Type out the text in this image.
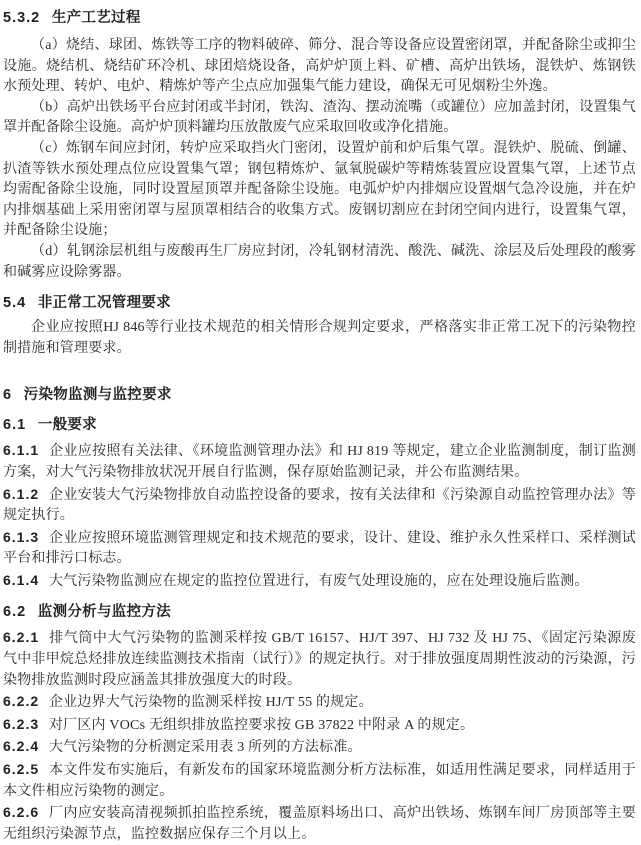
5.3.2 生产工艺过程

（a）烧结、球团、炼铁等工序的物料破碎、筛分、混合等设备应设置密闭罩，并配备除尘或抑尘设施。烧结机、烧结矿环冷机、球团焙烧设备，高炉炉顶上料、矿槽、高炉出铁场，混铁炉、炼钢铁水预处理、转炉、电炉、精炼炉等产尘点应加强集气能力建设，确保无可见烟粉尘外逸。

（b）高炉出铁场平台应封闭或半封闭，铁沟、渣沟、摆动流嘴（或罐位）应加盖封闭，设置集气罩并配备除尘设施。高炉炉顶料罐均压放散废气应采取回收或净化措施。

（c）炼钢车间应封闭，转炉应采取挡火门密闭，设置炉前和炉后集气罩。混铁炉、脱硫、倒罐、扒渣等铁水预处理点位应设置集气罩；钢包精炼炉、氩氧脱碳炉等精炼装置应设置集气罩，上述节点均需配备除尘设施，同时设置屋顶罩并配备除尘设施。电弧炉炉内排烟应设置烟气急冷设施，并在炉内排烟基础上采用密闭罩与屋顶罩相结合的收集方式。废钢切割应在封闭空间内进行，设置集气罩，并配备除尘设施；

（d）轧钢涂层机组与废酸再生厂房应封闭，冷轧钢材清洗、酸洗、碱洗、涂层及后处理段的酸雾和碱雾应设除雾器。

5.4 非正常工况管理要求

企业应按照HJ 846等行业技术规范的相关情形合规判定要求，严格落实非正常工况下的污染物控制措施和管理要求。

6 污染物监测与监控要求
6.1 一般要求

6.1.1 企业应按照有关法律、《环境监测管理办法》和 HJ 819 等规定，建立企业监测制度，制订监测方案，对大气污染物排放状况开展自行监测，保存原始监测记录，并公布监测结果。

6.1.2 企业安装大气污染物排放自动监控设备的要求，按有关法律和《污染源自动监控管理办法》等规定执行。

6.1.3 企业应按照环境监测管理规定和技术规范的要求，设计、建设、维护永久性采样口、采样测试平台和排污口标志。

6.1.4 大气污染物监测应在规定的监控位置进行，有废气处理设施的，应在处理设施后监测。

6.2 监测分析与监控方法

6.2.1 排气筒中大气污染物的监测采样按 GB/T 16157、HJ/T 397、HJ 732 及 HJ 75、《固定污染源废气中非甲烷总烃排放连续监测技术指南（试行）》的规定执行。对于排放强度周期性波动的污染源，污染物排放监测时段应涵盖其排放强度大的时段。

6.2.2 企业边界大气污染物的监测采样按 HJ/T 55 的规定。

6.2.3 对厂区内 VOCs 无组织排放监控要求按 GB 37822 中附录 A 的规定。

6.2.4 大气污染物的分析测定采用表 3 所列的方法标准。

6.2.5 本文件发布实施后，有新发布的国家环境监测分析方法标准，如适用性满足要求，同样适用于本文件相应污染物的测定。

6.2.6 厂内应安装高清视频抓拍监控系统，覆盖原料场出口、高炉出铁场、炼钢车间厂房顶部等主要无组织污染源节点，监控数据应保存三个月以上。
